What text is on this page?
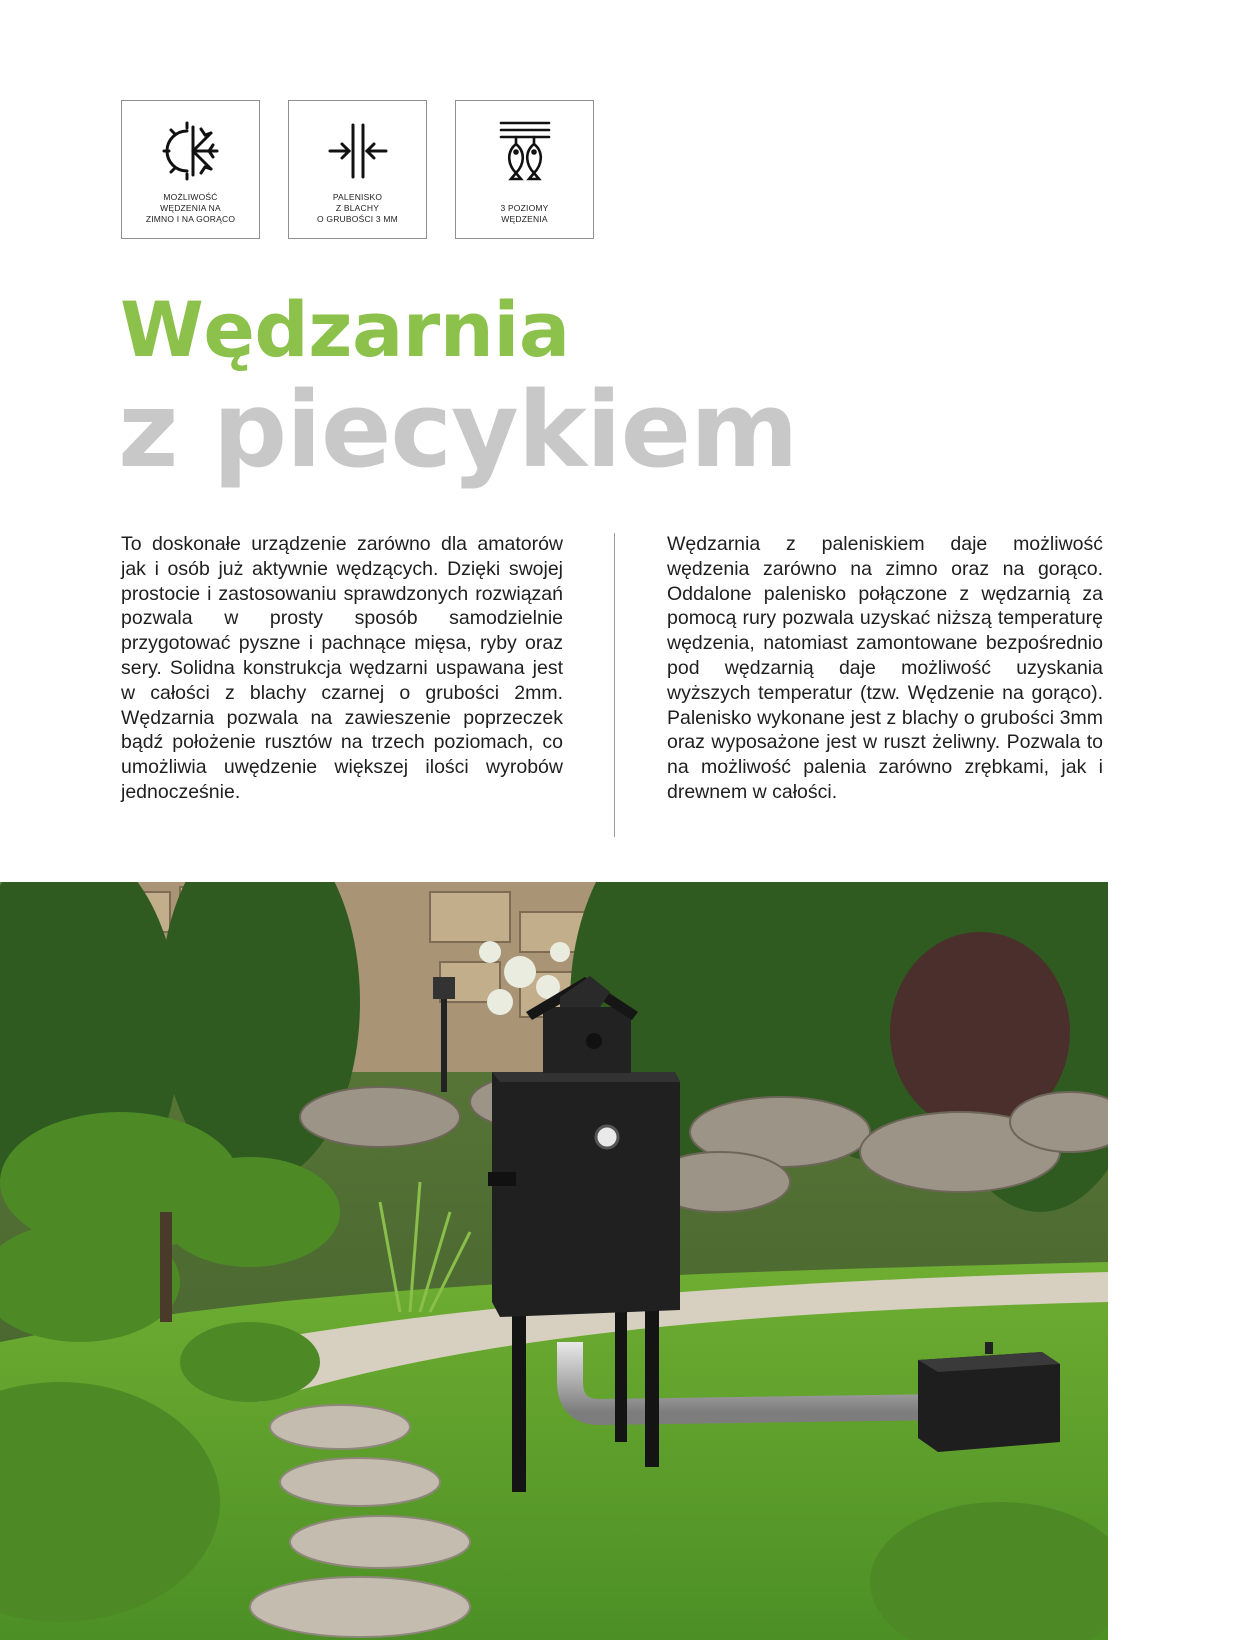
MOŻLIWOŚĆ
WĘDZENIA NA
ZIMNO I NA GORĄCO
PALENISKO
Z BLACHY
O GRUBOŚCI 3 MM
3 POZIOMY
WĘDZENIA
Wędzarnia
z piecykiem
To doskonałe urządzenie zarówno dla amatorów jak i osób już aktywnie wędzących. Dzięki swojej prostocie i zastosowaniu sprawdzonych rozwiązań pozwala w prosty sposób samodzielnie przygotować pyszne i pachnące mięsa, ryby oraz sery. Solidna konstrukcja wędzarni uspawana jest w całości z blachy czarnej o grubości 2mm. Wędzarnia pozwala na zawieszenie poprzeczek bądź położenie rusztów na trzech poziomach, co umożliwia uwędzenie większej ilości wyrobów jednocześnie.
Wędzarnia z paleniskiem daje możliwość wędzenia zarówno na zimno oraz na gorąco. Oddalone palenisko połączone z wędzarnią za pomocą rury pozwala uzyskać niższą temperaturę wędzenia, natomiast zamontowane bezpośrednio pod wędzarnią daje możliwość uzyskania wyższych temperatur (tzw. Wędzenie na gorąco). Palenisko wykonane jest z blachy o grubości 3mm oraz wyposażone jest w ruszt żeliwny. Pozwala to na możliwość palenia zarówno zrębkami, jak i drewnem w całości.
